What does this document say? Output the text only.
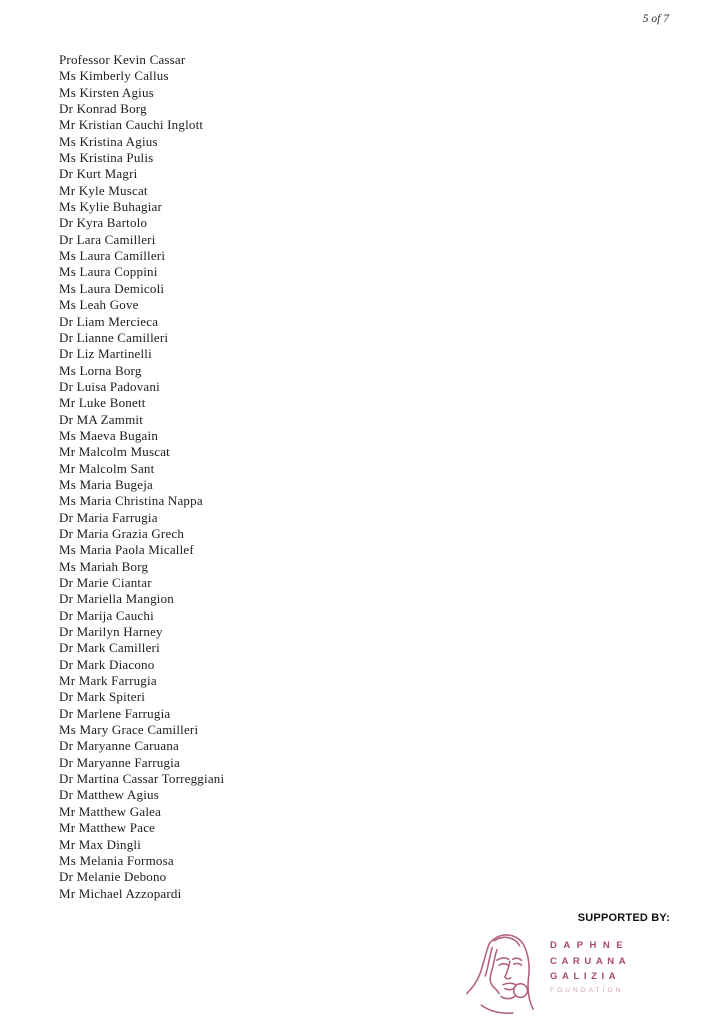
5 of 7
Professor Kevin Cassar
Ms Kimberly Callus
Ms Kirsten Agius
Dr Konrad Borg
Mr Kristian Cauchi Inglott
Ms Kristina Agius
Ms Kristina Pulis
Dr Kurt Magri
Mr Kyle Muscat
Ms Kylie Buhagiar
Dr Kyra Bartolo
Dr Lara Camilleri
Ms Laura Camilleri
Ms Laura Coppini
Ms Laura Demicoli
Ms Leah Gove
Dr Liam Mercieca
Dr Lianne Camilleri
Dr Liz Martinelli
Ms Lorna Borg
Dr Luisa Padovani
Mr Luke Bonett
Dr MA Zammit
Ms Maeva Bugain
Mr Malcolm Muscat
Mr Malcolm Sant
Ms Maria Bugeja
Ms Maria Christina Nappa
Dr Maria Farrugia
Dr Maria Grazia Grech
Ms Maria Paola Micallef
Ms Mariah Borg
Dr Marie Ciantar
Dr Mariella Mangion
Dr Marija Cauchi
Dr Marilyn Harney
Dr Mark Camilleri
Dr Mark Diacono
Mr Mark Farrugia
Dr Mark Spiteri
Dr Marlene Farrugia
Ms Mary Grace Camilleri
Dr Maryanne Caruana
Dr Maryanne Farrugia
Dr Martina Cassar Torreggiani
Dr Matthew Agius
Mr Matthew Galea
Mr Matthew Pace
Mr Max Dingli
Ms Melania Formosa
Dr Melanie Debono
Mr Michael Azzopardi
SUPPORTED BY:
DAPHNE
CARUANA
GALIZIA
FOUNDATION
